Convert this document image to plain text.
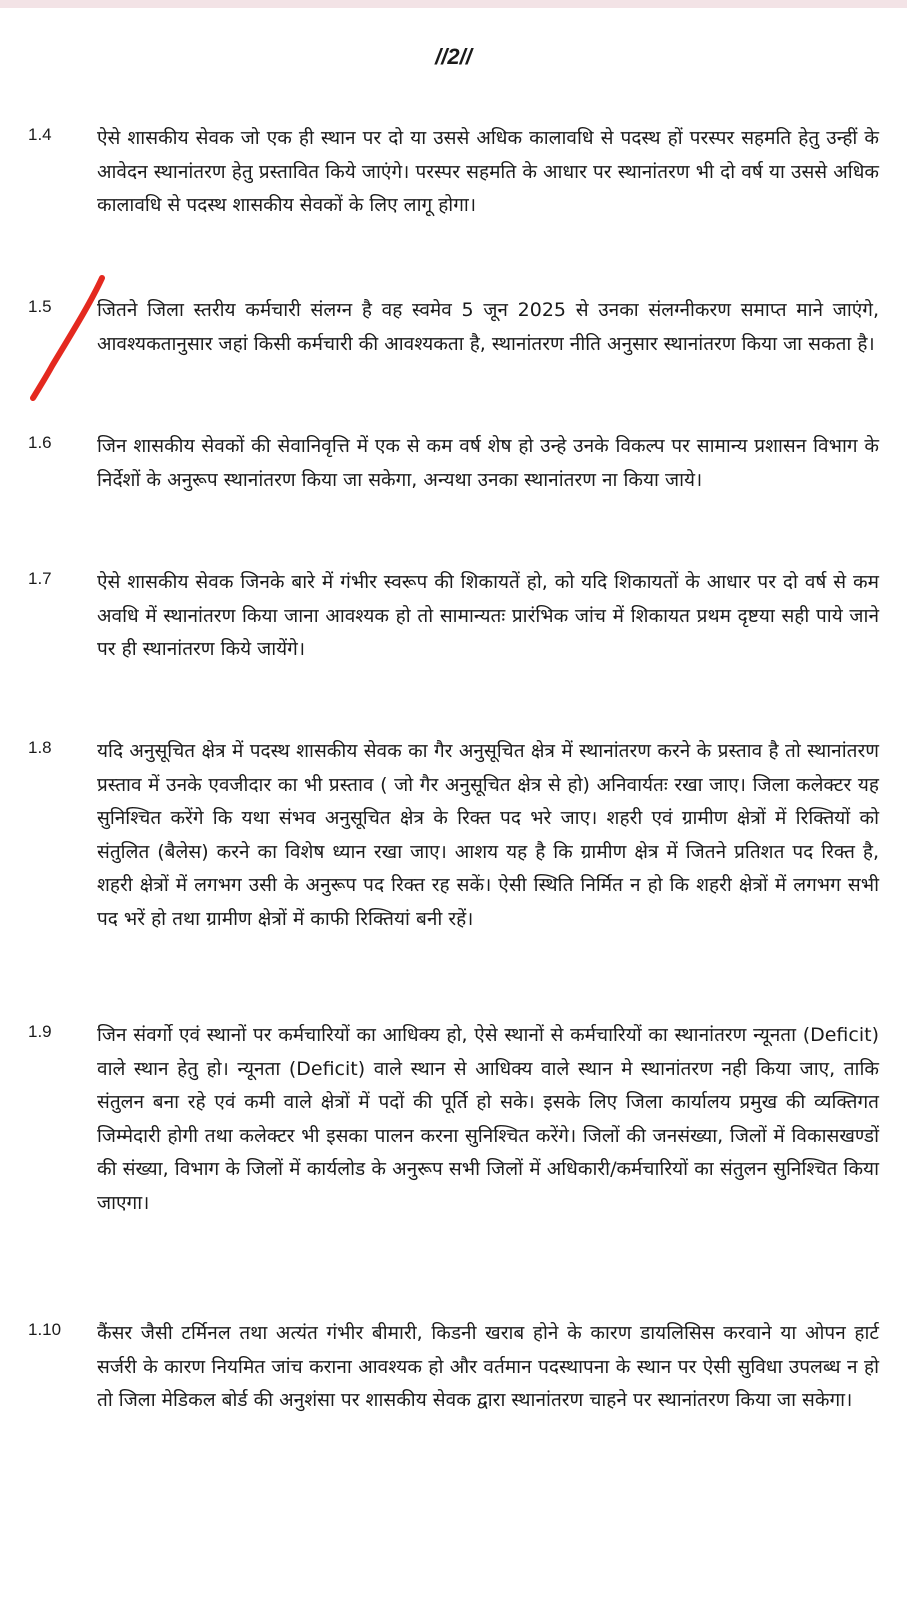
//2//
1.4 ऐसे शासकीय सेवक जो एक ही स्थान पर दो या उससे अधिक कालावधि से पदस्थ हों परस्पर सहमति हेतु उन्हीं के आवेदन स्थानांतरण हेतु प्रस्तावित किये जाएंगे। परस्पर सहमति के आधार पर स्थानांतरण भी दो वर्ष या उससे अधिक कालावधि से पदस्थ शासकीय सेवकों के लिए लागू होगा।

1.5 जितने जिला स्तरीय कर्मचारी संलग्न है वह स्वमेव 5 जून 2025 से उनका संलग्नीकरण समाप्त माने जाएंगे, आवश्यकतानुसार जहां किसी कर्मचारी की आवश्यकता है, स्थानांतरण नीति अनुसार स्थानांतरण किया जा सकता है।

1.6 जिन शासकीय सेवकों की सेवानिवृत्ति में एक से कम वर्ष शेष हो उन्हे उनके विकल्प पर सामान्य प्रशासन विभाग के निर्देशों के अनुरूप स्थानांतरण किया जा सकेगा, अन्यथा उनका स्थानांतरण ना किया जाये।

1.7 ऐसे शासकीय सेवक जिनके बारे में गंभीर स्वरूप की शिकायतें हो, को यदि शिकायतों के आधार पर दो वर्ष से कम अवधि में स्थानांतरण किया जाना आवश्यक हो तो सामान्यतः प्रारंभिक जांच में शिकायत प्रथम दृष्टया सही पाये जाने पर ही स्थानांतरण किये जायेंगे।

1.8 यदि अनुसूचित क्षेत्र में पदस्थ शासकीय सेवक का गैर अनुसूचित क्षेत्र में स्थानांतरण करने के प्रस्ताव है तो स्थानांतरण प्रस्ताव में उनके एवजीदार का भी प्रस्ताव ( जो गैर अनुसूचित क्षेत्र से हो) अनिवार्यतः रखा जाए। जिला कलेक्टर यह सुनिश्चित करेंगे कि यथा संभव अनुसूचित क्षेत्र के रिक्त पद भरे जाए। शहरी एवं ग्रामीण क्षेत्रों में रिक्तियों को संतुलित (बैलेस) करने का विशेष ध्यान रखा जाए। आशय यह है कि ग्रामीण क्षेत्र में जितने प्रतिशत पद रिक्त है, शहरी क्षेत्रों में लगभग उसी के अनुरूप पद रिक्त रह सकें। ऐसी स्थिति निर्मित न हो कि शहरी क्षेत्रों में लगभग सभी पद भरें हो तथा ग्रामीण क्षेत्रों में काफी रिक्तियां बनी रहें।

1.9 जिन संवर्गो एवं स्थानों पर कर्मचारियों का आधिक्य हो, ऐसे स्थानों से कर्मचारियों का स्थानांतरण न्यूनता (Deficit) वाले स्थान हेतु हो। न्यूनता (Deficit) वाले स्थान से आधिक्य वाले स्थान मे स्थानांतरण नही किया जाए, ताकि संतुलन बना रहे एवं कमी वाले क्षेत्रों में पदों की पूर्ति हो सके। इसके लिए जिला कार्यालय प्रमुख की व्यक्तिगत जिम्मेदारी होगी तथा कलेक्टर भी इसका पालन करना सुनिश्चित करेंगे। जिलों की जनसंख्या, जिलों में विकासखण्डों की संख्या, विभाग के जिलों में कार्यलोड के अनुरूप सभी जिलों में अधिकारी/कर्मचारियों का संतुलन सुनिश्चित किया जाएगा।

1.10 कैंसर जैसी टर्मिनल तथा अत्यंत गंभीर बीमारी, किडनी खराब होने के कारण डायलिसिस करवाने या ओपन हार्ट सर्जरी के कारण नियमित जांच कराना आवश्यक हो और वर्तमान पदस्थापना के स्थान पर ऐसी सुविधा उपलब्ध न हो तो जिला मेडिकल बोर्ड की अनुशंसा पर शासकीय सेवक द्वारा स्थानांतरण चाहने पर स्थानांतरण किया जा सकेगा।
